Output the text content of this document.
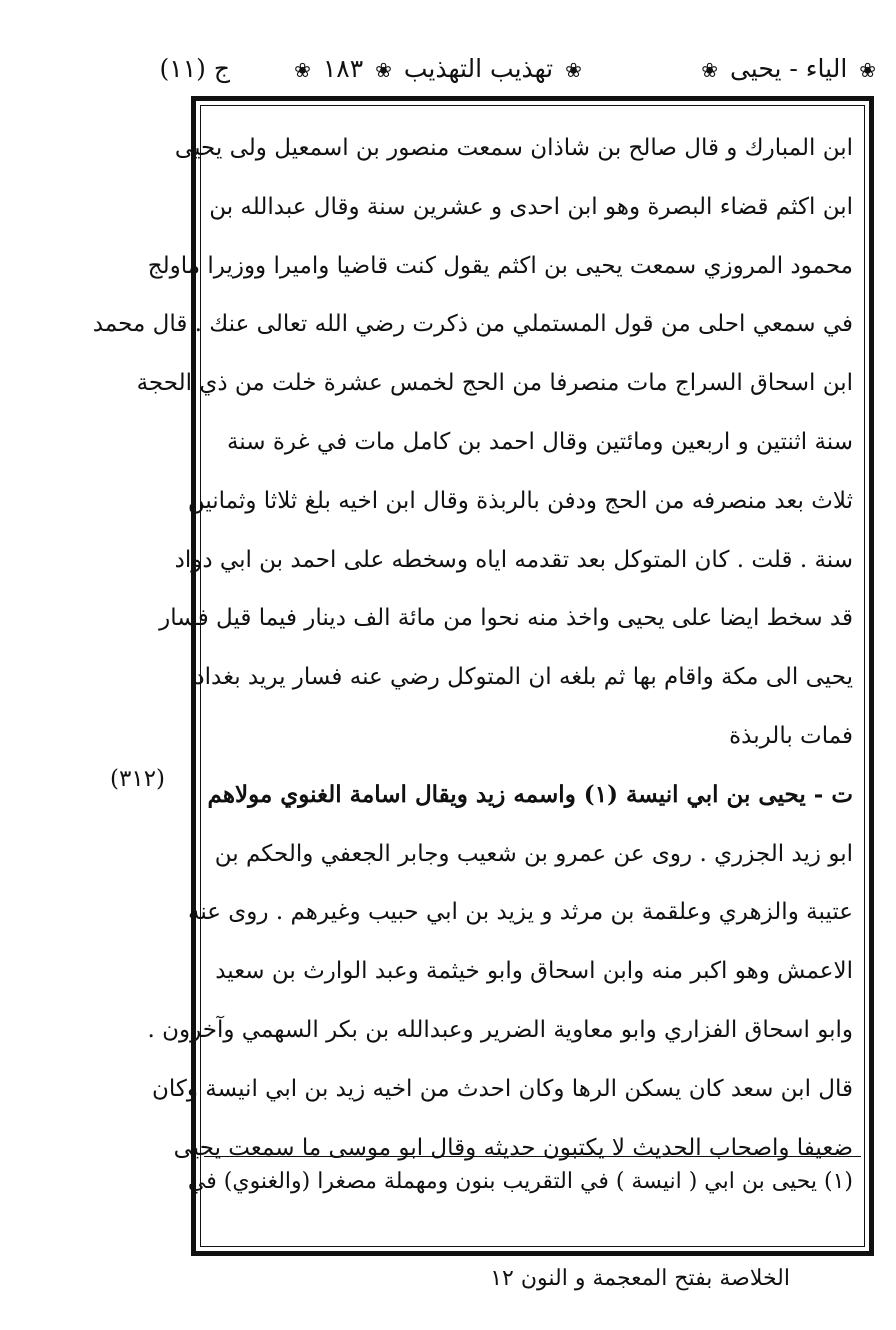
ج (١١)	❀ تهذيب التهذيب ❀ ١٨٣ ❀	❀ الياء - يحيى ❀
(٣١٢)
ابن المبارك و قال صالح بن شاذان سمعت منصور بن اسمعيل ولى يحيى
ابن اكثم قضاء البصرة وهو ابن احدى و عشرين سنة وقال عبدالله بن
محمود المروزي سمعت يحيى بن اكثم يقول كنت قاضيا واميرا ووزيرا ماولج
في سمعي احلى من قول المستملي من ذكرت رضي الله تعالى عنك . قال محمد
ابن اسحاق السراج مات منصرفا من الحج لخمس عشرة خلت من ذي الحجة
سنة اثنتين و اربعين ومائتين وقال احمد بن كامل مات في غرة سنة
ثلاث بعد منصرفه من الحج ودفن بالربذة وقال ابن اخيه بلغ ثلاثا وثمانين
سنة . قلت . كان المتوكل بعد تقدمه اياه وسخطه على احمد بن ابي دواد
قد سخط ايضا على يحيى واخذ منه نحوا من مائة الف دينار فيما قيل فسار
يحيى الى مكة واقام بها ثم بلغه ان المتوكل رضي عنه فسار يريد بغداد
فمات بالربذة
ت - يحيى بن ابي انيسة (١) واسمه زيد ويقال اسامة الغنوي مولاهم
ابو زيد الجزري . روى عن عمرو بن شعيب وجابر الجعفي والحكم بن
عتيبة والزهري وعلقمة بن مرثد و يزيد بن ابي حبيب وغيرهم . روى عنه
الاعمش وهو اكبر منه وابن اسحاق وابو خيثمة وعبد الوارث بن سعيد
وابو اسحاق الفزاري وابو معاوية الضرير وعبدالله بن بكر السهمي وآخرون .
قال ابن سعد كان يسكن الرها وكان احدث من اخيه زيد بن ابي انيسة وكان
ضعيفا واصحاب الحديث لا يكتبون حديثه وقال ابو موسى ما سمعت يحيى
(١) يحيى بن ابي ( انيسة ) في التقريب بنون ومهملة مصغرا (والغنوي) في
الخلاصة بفتح المعجمة و النون ١٢
